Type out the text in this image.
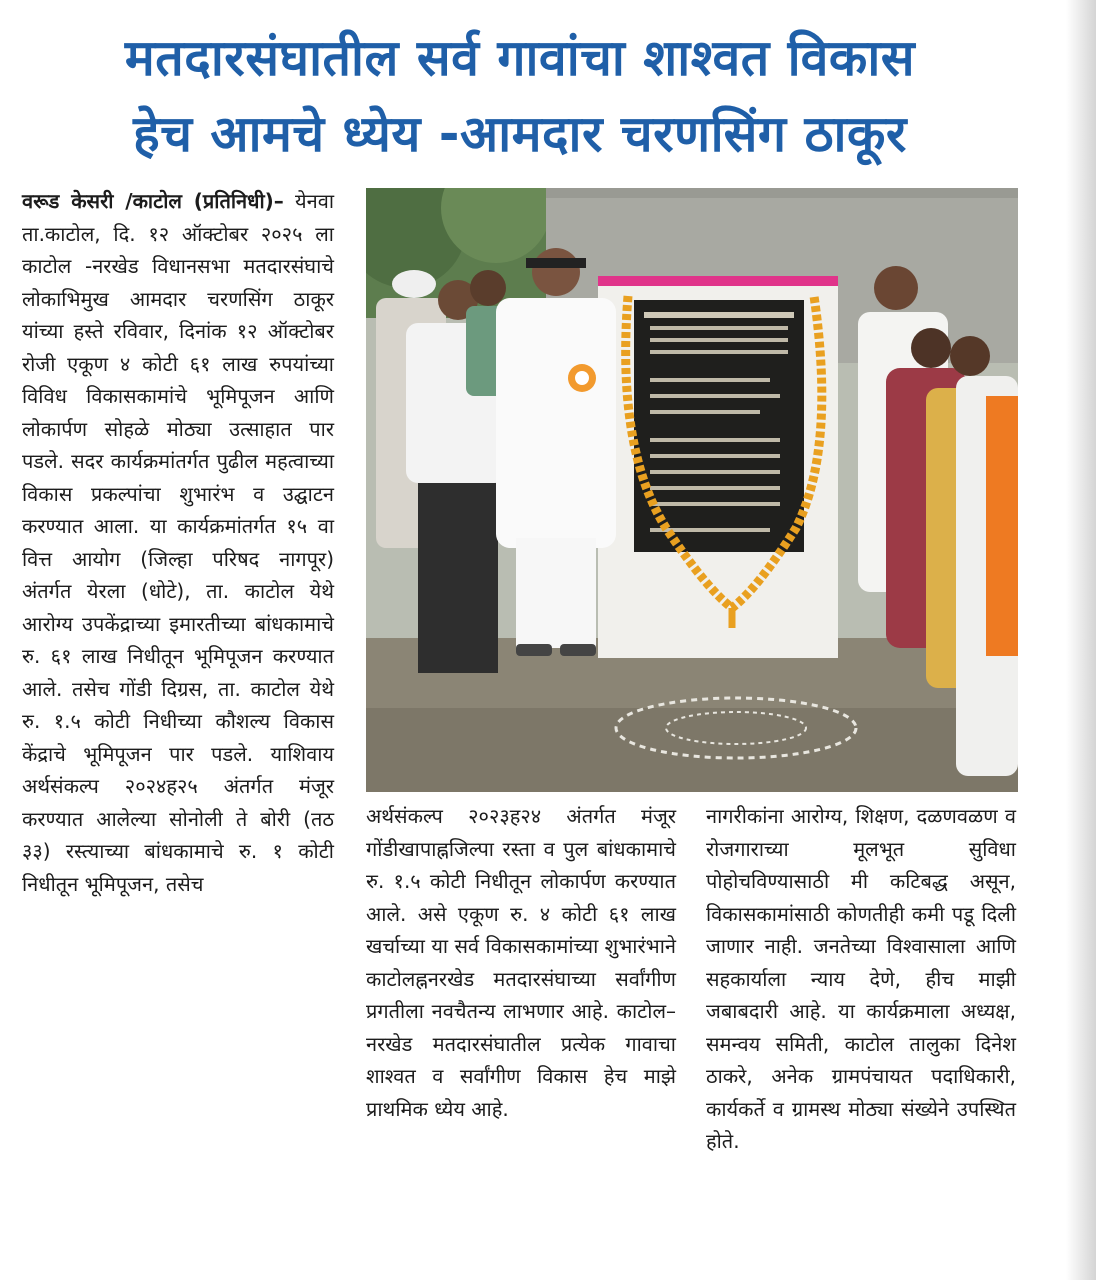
मतदारसंघातील सर्व गावांचा शाश्वत विकास
हेच आमचे ध्येय -आमदार चरणसिंग ठाकूर

वरूड केसरी /काटोल (प्रतिनिधी)– येनवा ता.काटोल, दि. १२ ऑक्टोबर २०२५ ला काटोल -नरखेड विधानसभा मतदारसंघाचे लोकाभिमुख आमदार चरणसिंग ठाकूर यांच्या हस्ते रविवार, दिनांक १२ ऑक्टोबर रोजी एकूण ४ कोटी ६१ लाख रुपयांच्या विविध विकासकामांचे भूमिपूजन आणि लोकार्पण सोहळे मोठ्या उत्साहात पार पडले. सदर कार्यक्रमांतर्गत पुढील महत्वाच्या विकास प्रकल्पांचा शुभारंभ व उद्घाटन करण्यात आला. या कार्यक्रमांतर्गत १५ वा वित्त आयोग (जिल्हा परिषद नागपूर) अंतर्गत येरला (धोटे), ता. काटोल येथे आरोग्य उपकेंद्राच्या इमारतीच्या बांधकामाचे रु. ६१ लाख निधीतून भूमिपूजन करण्यात आले. तसेच गोंडी दिग्रस, ता. काटोल येथे रु. १.५ कोटी निधीच्या कौशल्य विकास केंद्राचे भूमिपूजन पार पडले. याशिवाय अर्थसंकल्प २०२४ह२५ अंतर्गत मंजूर करण्यात आलेल्या सोनोली ते बोरी (तठ ३३) रस्त्याच्या बांधकामाचे रु. १ कोटी निधीतून भूमिपूजन, तसेच

अर्थसंकल्प २०२३ह२४ अंतर्गत मंजूर गोंडीखापाह्नजिल्पा रस्ता व पुल बांधकामाचे रु. १.५ कोटी निधीतून लोकार्पण करण्यात आले. असे एकूण रु. ४ कोटी ६१ लाख खर्चाच्या या सर्व विकासकामांच्या शुभारंभाने काटोलह्ननरखेड मतदारसंघाच्या सर्वांगीण प्रगतीला नवचैतन्य लाभणार आहे. काटोल–नरखेड मतदारसंघातील प्रत्येक गावाचा शाश्वत व सर्वांगीण विकास हेच माझे प्राथमिक ध्येय आहे.

नागरीकांना आरोग्य, शिक्षण, दळणवळण व रोजगाराच्या मूलभूत सुविधा पोहोचविण्यासाठी मी कटिबद्ध असून, विकासकामांसाठी कोणतीही कमी पडू दिली जाणार नाही. जनतेच्या विश्वासाला आणि सहकार्याला न्याय देणे, हीच माझी जबाबदारी आहे. या कार्यक्रमाला अध्यक्ष, समन्वय समिती, काटोल तालुका दिनेश ठाकरे, अनेक ग्रामपंचायत पदाधिकारी, कार्यकर्ते व ग्रामस्थ मोठ्या संख्येने उपस्थित होते.
